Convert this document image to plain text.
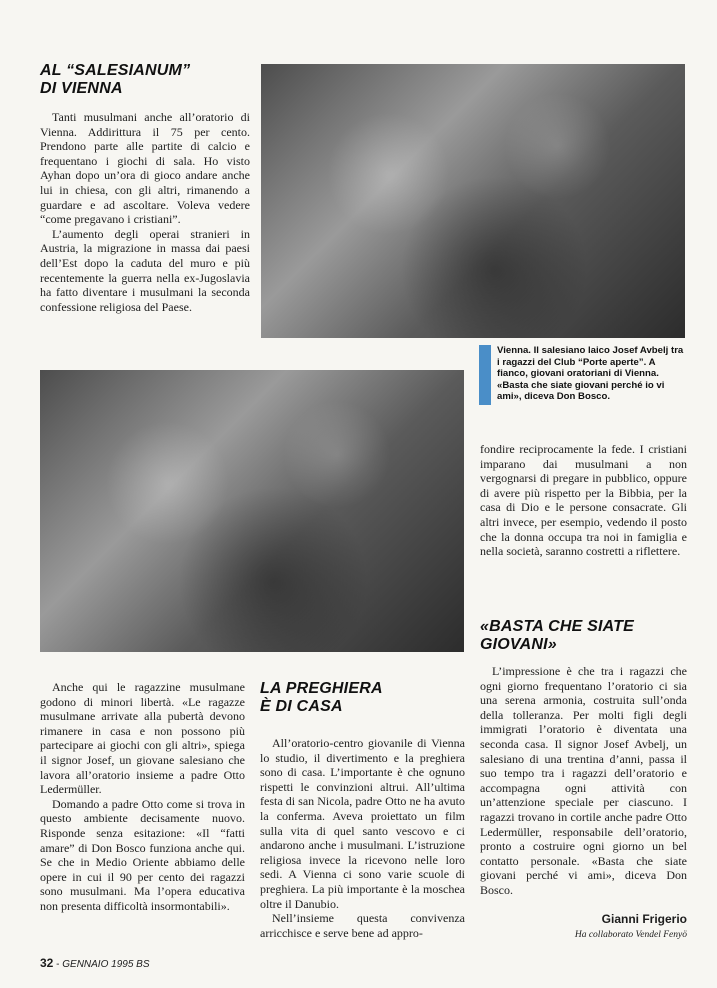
AL “SALESIANUM”

DI VIENNA

Tanti musulmani anche all’oratorio di Vienna. Addirittura il 75 per cento. Prendono parte alle partite di calcio e frequentano i giochi di sala. Ho visto Ayhan dopo un’ora di gioco andare anche lui in chiesa, con gli altri, rimanendo a guardare e ad ascoltare. Voleva vedere “come pregavano i cristiani”.

L’aumento degli operai stranieri in Austria, la migrazione in massa dai paesi dell’Est dopo la caduta del muro e più recentemente la guerra nella ex-Jugoslavia ha fatto diventare i musulmani la seconda confessione religiosa del Paese.

Vienna. Il salesiano laico Josef Avbelj tra i ragazzi del Club “Porte aperte”. A fianco, giovani oratoriani di Vienna. «Basta che siate giovani perché io vi ami», diceva Don Bosco.

fondire reciprocamente la fede. I cristiani imparano dai musulmani a non vergognarsi di pregare in pubblico, oppure di avere più rispetto per la Bibbia, per la casa di Dio e le persone consacrate. Gli altri invece, per esempio, vedendo il posto che la donna occupa tra noi in famiglia e nella società, saranno costretti a riflettere.

«BASTA CHE SIATE

GIOVANI»

L’impressione è che tra i ragazzi che ogni giorno frequentano l’oratorio ci sia una serena armonia, costruita sull’onda della tolleranza. Per molti figli degli immigrati l’oratorio è diventata una seconda casa. Il signor Josef Avbelj, un salesiano di una trentina d’anni, passa il suo tempo tra i ragazzi dell’oratorio e accompagna ogni attività con un’attenzione speciale per ciascuno. I ragazzi trovano in cortile anche padre Otto Ledermüller, responsabile dell’oratorio, pronto a costruire ogni giorno un bel contatto personale. «Basta che siate giovani perché vi ami», diceva Don Bosco.

Anche qui le ragazzine musulmane godono di minori libertà. «Le ragazze musulmane arrivate alla pubertà devono rimanere in casa e non possono più partecipare ai giochi con gli altri», spiega il signor Josef, un giovane salesiano che lavora all’oratorio insieme a padre Otto Ledermüller.

Domando a padre Otto come si trova in questo ambiente decisamente nuovo. Risponde senza esitazione: «Il “fatti amare” di Don Bosco funziona anche qui. Se che in Medio Oriente abbiamo delle opere in cui il 90 per cento dei ragazzi sono musulmani. Ma l’opera educativa non presenta difficoltà insormontabili».

LA PREGHIERA

È DI CASA

All’oratorio-centro giovanile di Vienna lo studio, il divertimento e la preghiera sono di casa. L’importante è che ognuno rispetti le convinzioni altrui. All’ultima festa di san Nicola, padre Otto ne ha avuto la conferma. Aveva proiettato un film sulla vita di quel santo vescovo e ci andarono anche i musulmani. L’istruzione religiosa invece la ricevono nelle loro sedi. A Vienna ci sono varie scuole di preghiera. La più importante è la moschea oltre il Danubio.

Nell’insieme questa convivenza arricchisce e serve bene ad appro-

Gianni Frigerio
Ha collaborato Vendel Fenyö
32 - GENNAIO 1995 BS
